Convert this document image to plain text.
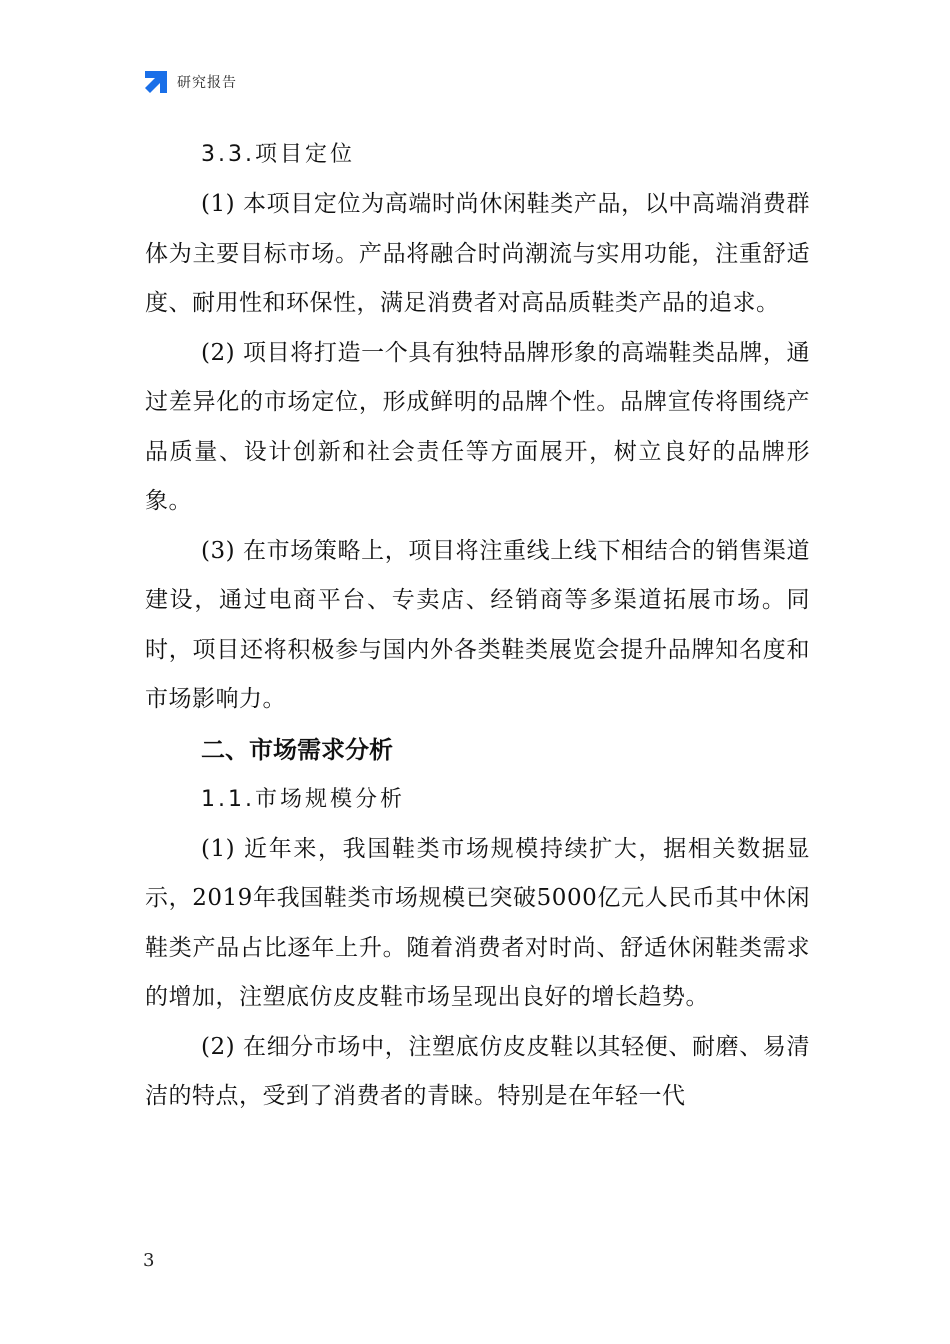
研究报告

3.3.项目定位

(1) 本项目定位为高端时尚休闲鞋类产品，以中高端消费群体为主要目标市场。产品将融合时尚潮流与实用功能，注重舒适度、耐用性和环保性，满足消费者对高品质鞋类产品的追求。

(2) 项目将打造一个具有独特品牌形象的高端鞋类品牌，通过差异化的市场定位，形成鲜明的品牌个性。品牌宣传将围绕产品质量、设计创新和社会责任等方面展开，树立良好的品牌形象。

(3) 在市场策略上，项目将注重线上线下相结合的销售渠道建设，通过电商平台、专卖店、经销商等多渠道拓展市场。同时，项目还将积极参与国内外各类鞋类展览会提升品牌知名度和市场影响力。

二、市场需求分析

1.1.市场规模分析

(1) 近年来，我国鞋类市场规模持续扩大，据相关数据显示，2019年我国鞋类市场规模已突破5000亿元人民币其中休闲鞋类产品占比逐年上升。随着消费者对时尚、舒适休闲鞋类需求的增加，注塑底仿皮皮鞋市场呈现出良好的增长趋势。

(2) 在细分市场中，注塑底仿皮皮鞋以其轻便、耐磨、易清洁的特点，受到了消费者的青睐。特别是在年轻一代

3
